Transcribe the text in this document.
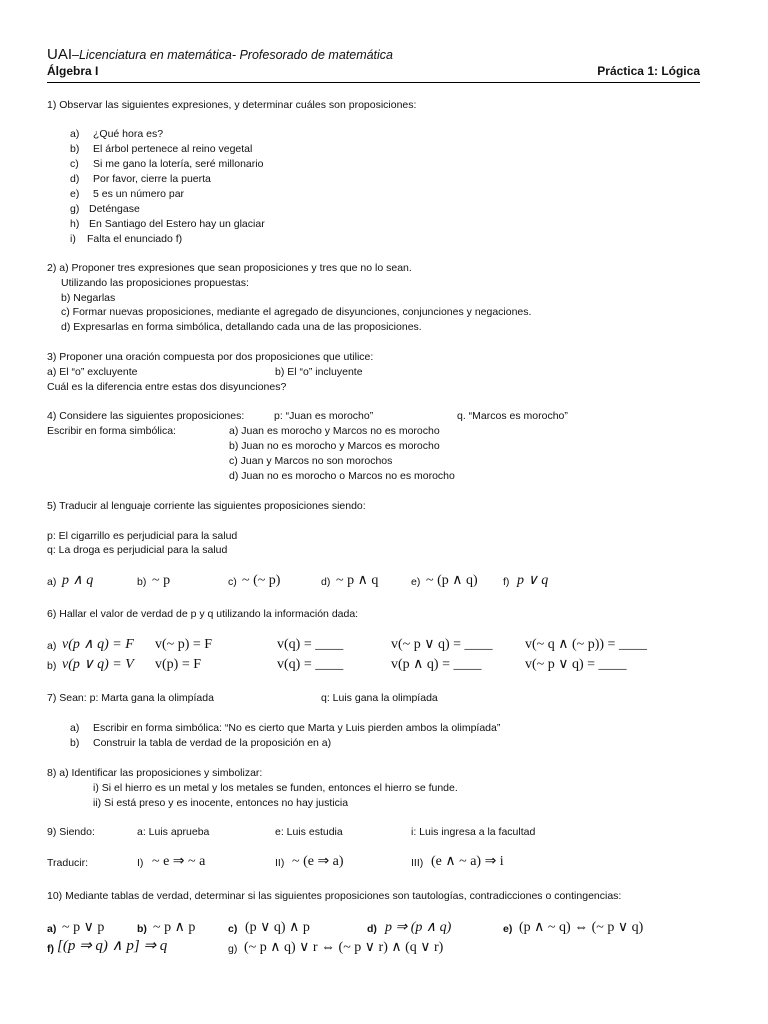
UAI–Licenciatura en matemática- Profesorado de matemática
Álgebra I	Práctica 1: Lógica
1) Observar las siguientes expresiones, y determinar cuáles son proposiciones:
a) ¿Qué hora es?
b) El árbol pertenece al reino vegetal
c) Si me gano la lotería, seré millonario
d) Por favor, cierre la puerta
e) 5 es un número par
g) Deténgase
h) En Santiago del Estero hay un glaciar
i) Falta el enunciado f)
2) a) Proponer tres expresiones que sean proposiciones y tres que no lo sean.
Utilizando las proposiciones propuestas:
b) Negarlas
c) Formar nuevas proposiciones, mediante el agregado de disyunciones, conjunciones y negaciones.
d) Expresarlas en forma simbólica, detallando cada una de las proposiciones.
3) Proponer una oración compuesta por dos proposiciones que utilice:
a) El “o” excluyente	b) El “o” incluyente
Cuál es la diferencia entre estas dos disyunciones?
4) Considere las siguientes proposiciones:	p: “Juan es morocho”	q. “Marcos es morocho”
Escribir en forma simbólica:	a) Juan es morocho y Marcos no es morocho
b) Juan no es morocho y Marcos es morocho
c) Juan y Marcos no son morochos
d) Juan no es morocho o Marcos no es morocho
5) Traducir al lenguaje corriente las siguientes proposiciones siendo:
p: El cigarrillo es perjudicial para la salud
q: La droga es perjudicial para la salud
a) p ∧ q	b) ~ p	c) ~ (~ p)	d) ~ p ∧ q	e) ~ (p ∧ q) f) p ∨ q
6) Hallar el valor de verdad de p y q utilizando la información dada:
a) v(p ∧ q) = F v(~ p) = F	v(q) = ____	v(~ p ∨ q) = ____ v(~ q ∧ (~ p)) = ____
b) v(p ∨ q) = V v(p) = F	v(q) = ____	v(p ∧ q) = ____	v(~ p ∨ q) = ____
7) Sean: p: Marta gana la olimpíada	q: Luis gana la olimpíada
a) Escribir en forma simbólica: “No es cierto que Marta y Luis pierden ambos la olimpíada”
b) Construir la tabla de verdad de la proposición en a)
8) a) Identificar las proposiciones y simbolizar:
i) Si el hierro es un metal y los metales se funden, entonces el hierro se funde.
ii) Si está preso y es inocente, entonces no hay justicia
9) Siendo:	a: Luis aprueba	e: Luis estudia	i: Luis ingresa a la facultad
Traducir:	I) ~ e ⇒ ~ a	II) ~ (e ⇒ a)	III) (e ∧ ~ a) ⇒ i
10) Mediante tablas de verdad, determinar si las siguientes proposiciones son tautologías, contradicciones o contingencias:
a) ~ p ∨ p	b) ~ p ∧ p	c) (p ∨ q) ∧ p	d) p ⇒ (p ∧ q)	e) (p ∧ ~ q) ⇔ (~ p ∨ q)
f) [(p ⇒ q) ∧ p] ⇒ q	g) (~ p ∧ q) ∨ r ⇔ (~ p ∨ r) ∧ (q ∨ r)
